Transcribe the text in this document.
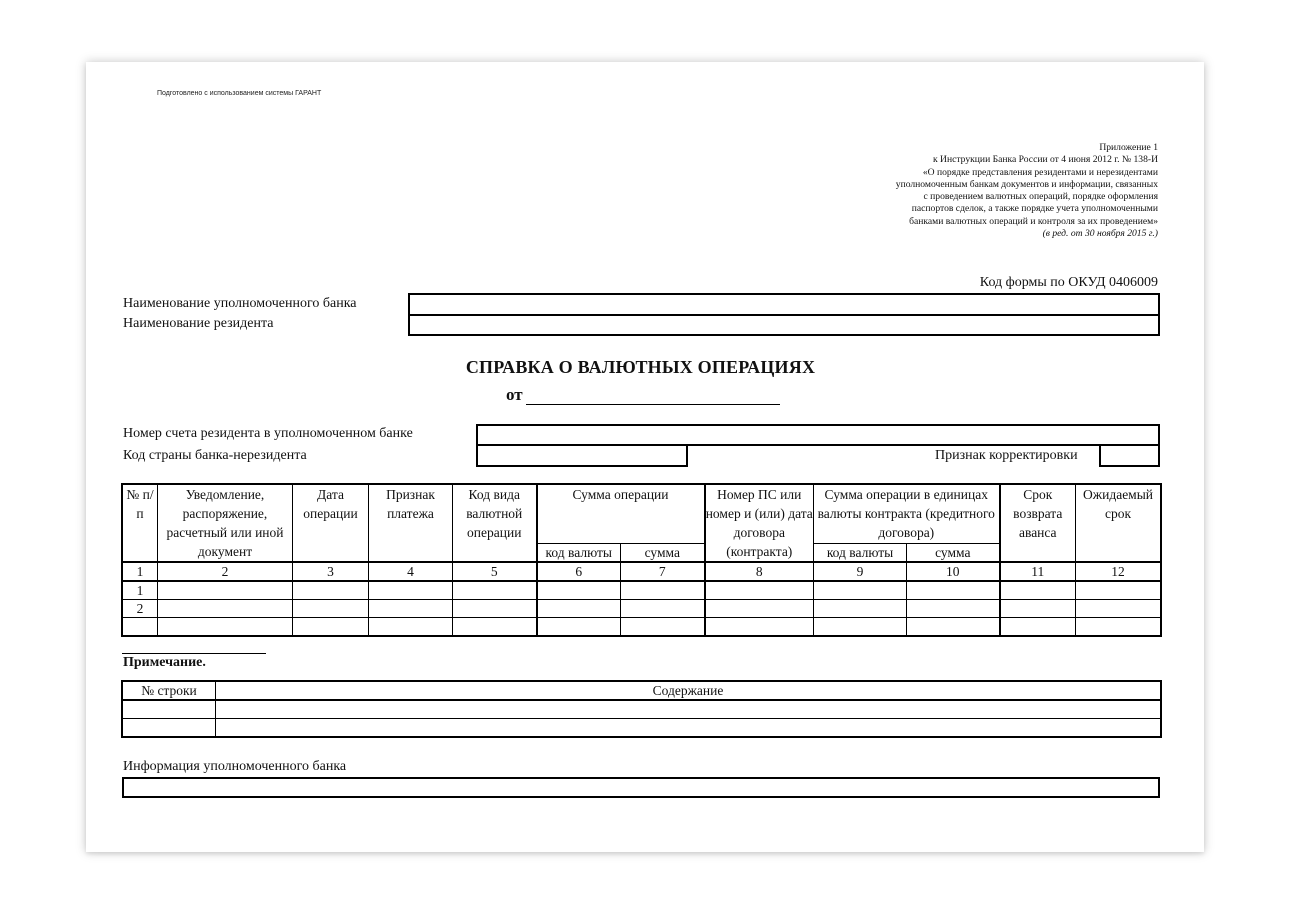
Подготовлено с использованием системы ГАРАНТ
Приложение 1
к Инструкции Банка России от 4 июня 2012 г. № 138-И
«О порядке представления резидентами и нерезидентами
уполномоченным банкам документов и информации, связанных
с проведением валютных операций, порядке оформления
паспортов сделок, а также порядке учета уполномоченными
банками валютных операций и контроля за их проведением»
(в ред. от 30 ноября 2015 г.)
Код формы по ОКУД 0406009
Наименование уполномоченного банка
Наименование резидента
СПРАВКА О ВАЛЮТНЫХ ОПЕРАЦИЯХ
от
Номер счета резидента в уполномоченном банке
Код страны банка-нерезидента	Признак корректировки
№ п/п	Уведомление, распоряжение, расчетный или иной документ	Дата операции	Признак платежа	Код вида валютной операции	Сумма операции		Номер ПС или номер и (или) дата договора (контракта)	Сумма операции в единицах валюты контракта (кредитного договора)		Срок возврата аванса	Ожидаемый срок
					код валюты	сумма		код валюты	сумма		
1	2	3	4	5	6	7	8	9	10	11	12
1											
2											

Примечание.
№ строки	Содержание

Информация уполномоченного банка
